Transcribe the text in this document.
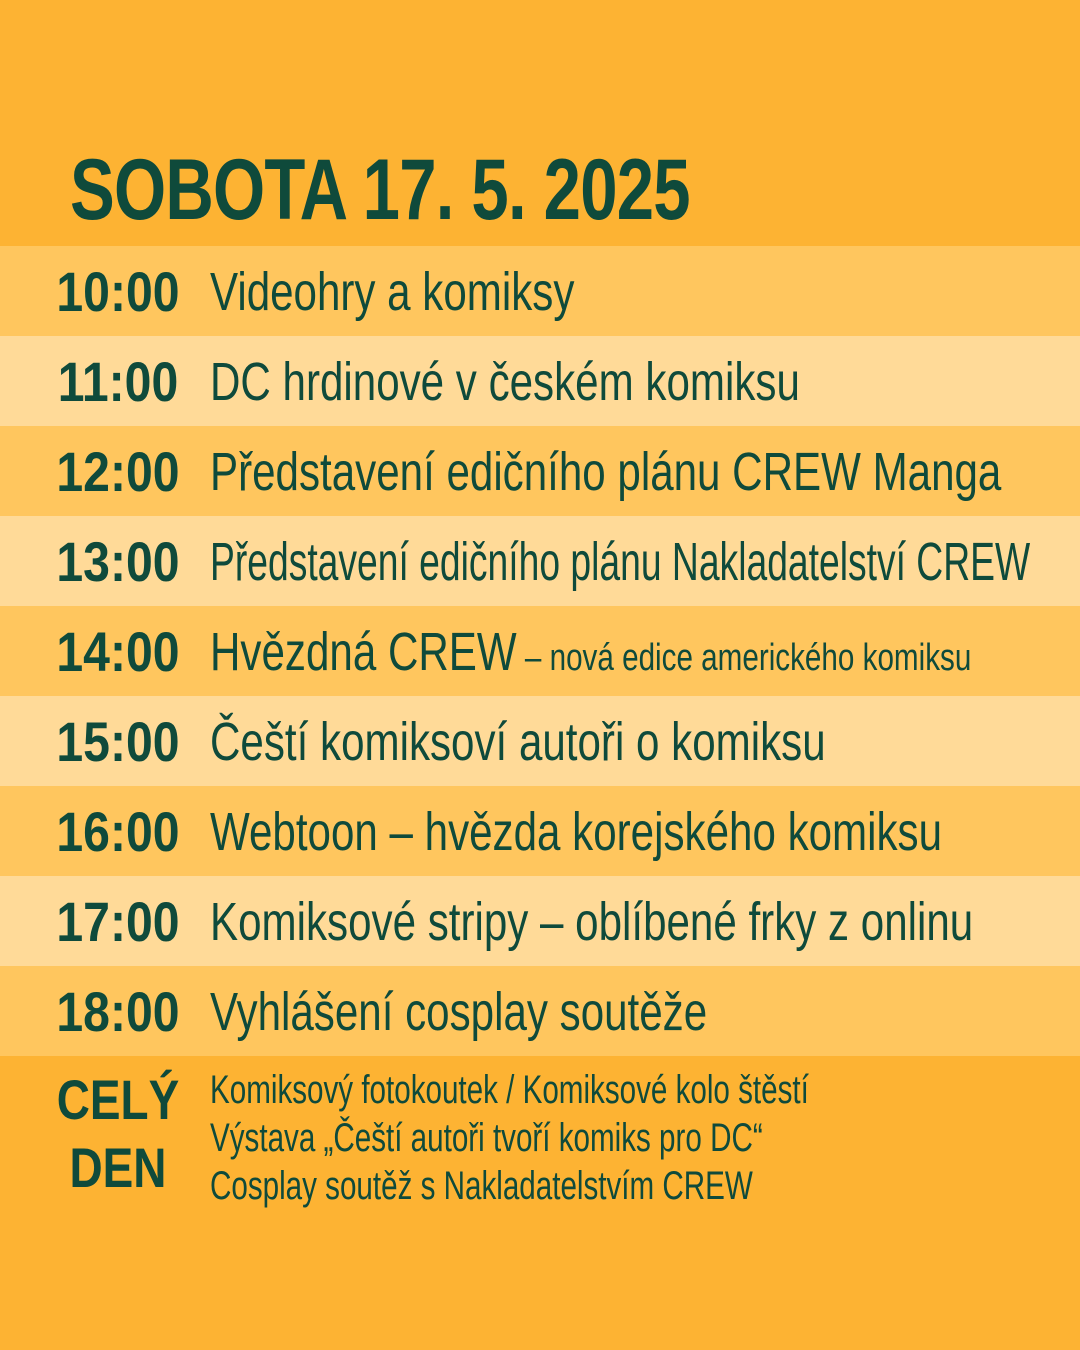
SOBOTA 17. 5. 2025
10:00 Videohry a komiksy
11:00 DC hrdinové v českém komiksu
12:00 Představení edičního plánu CREW Manga
13:00 Představení edičního plánu Nakladatelství CREW
14:00 Hvězdná CREW – nová edice amerického komiksu
15:00 Čeští komiksoví autoři o komiksu
16:00 Webtoon – hvězda korejského komiksu
17:00 Komiksové stripy – oblíbené frky z onlinu
18:00 Vyhlášení cosplay soutěže
CELÝ
DEN
Komiksový fotokoutek / Komiksové kolo štěstí
Výstava „Čeští autoři tvoří komiks pro DC“
Cosplay soutěž s Nakladatelstvím CREW
